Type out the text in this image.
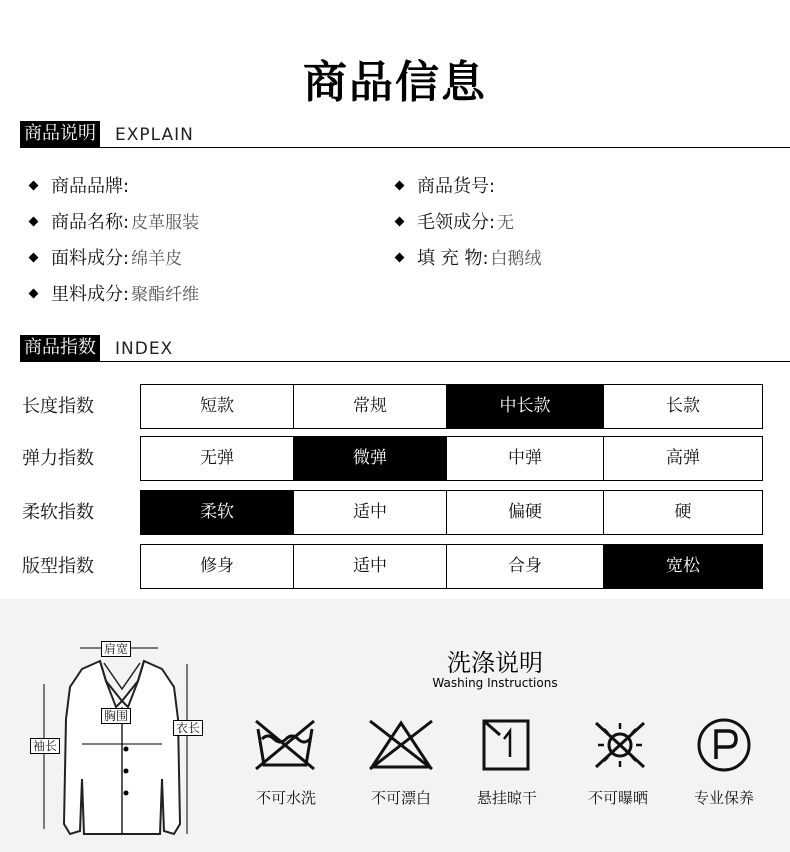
商品信息
商品说明 EXPLAIN
商品品牌:	商品货号:
商品名称: 皮革服装	毛领成分: 无
面料成分: 绵羊皮	填 充 物: 白鹅绒
里料成分: 聚酯纤维
商品指数 INDEX
长度指数	短款	常规	中长款	长款
弹力指数	无弹	微弹	中弹	高弹
柔软指数	柔软	适中	偏硬	硬
版型指数	修身	适中	合身	宽松
肩宽
胸围
袖长
衣长
洗涤说明
Washing Instructions
不可水洗	不可漂白	悬挂晾干	不可曝晒	专业保养
